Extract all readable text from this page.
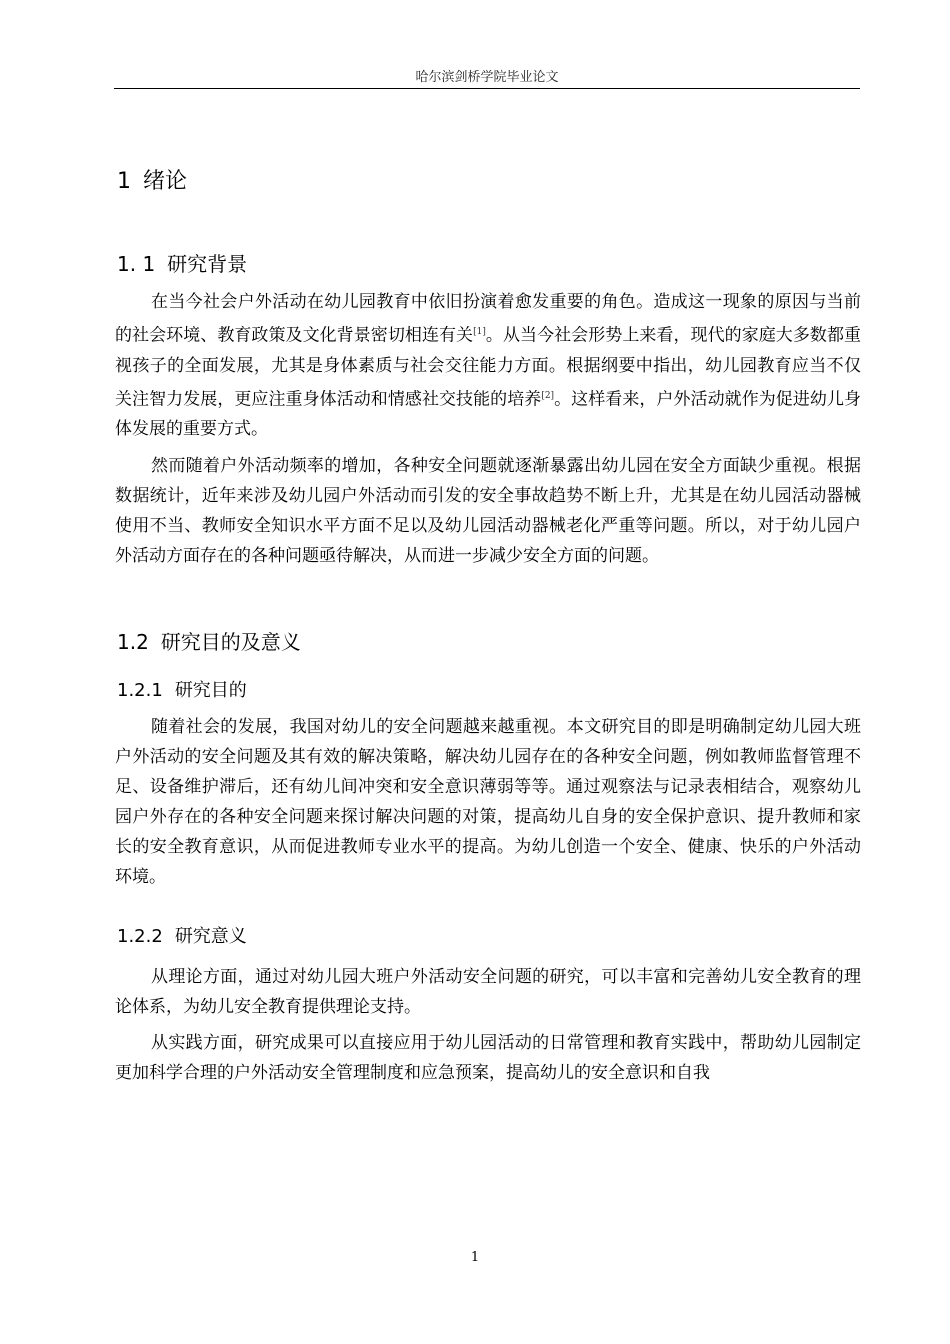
哈尔滨剑桥学院毕业论文
1 绪论
1. 1 研究背景

在当今社会户外活动在幼儿园教育中依旧扮演着愈发重要的角色。造成这一现象的原因与当前的社会环境、教育政策及文化背景密切相连有关[1]。从当今社会形势上来看，现代的家庭大多数都重视孩子的全面发展，尤其是身体素质与社会交往能力方面。根据纲要中指出，幼儿园教育应当不仅关注智力发展，更应注重身体活动和情感社交技能的培养[2]。这样看来，户外活动就作为促进幼儿身体发展的重要方式。

然而随着户外活动频率的增加，各种安全问题就逐渐暴露出幼儿园在安全方面缺少重视。根据数据统计，近年来涉及幼儿园户外活动而引发的安全事故趋势不断上升，尤其是在幼儿园活动器械使用不当、教师安全知识水平方面不足以及幼儿园活动器械老化严重等问题。所以，对于幼儿园户外活动方面存在的各种问题亟待解决，从而进一步减少安全方面的问题。

1.2 研究目的及意义
1.2.1 研究目的

随着社会的发展，我国对幼儿的安全问题越来越重视。本文研究目的即是明确制定幼儿园大班户外活动的安全问题及其有效的解决策略，解决幼儿园存在的各种安全问题，例如教师监督管理不足、设备维护滞后，还有幼儿间冲突和安全意识薄弱等等。通过观察法与记录表相结合，观察幼儿园户外存在的各种安全问题来探讨解决问题的对策，提高幼儿自身的安全保护意识、提升教师和家长的安全教育意识，从而促进教师专业水平的提高。为幼儿创造一个安全、健康、快乐的户外活动环境。

1.2.2 研究意义

从理论方面，通过对幼儿园大班户外活动安全问题的研究，可以丰富和完善幼儿安全教育的理论体系，为幼儿安全教育提供理论支持。

从实践方面，研究成果可以直接应用于幼儿园活动的日常管理和教育实践中，帮助幼儿园制定更加科学合理的户外活动安全管理制度和应急预案，提高幼儿的安全意识和自我

1
